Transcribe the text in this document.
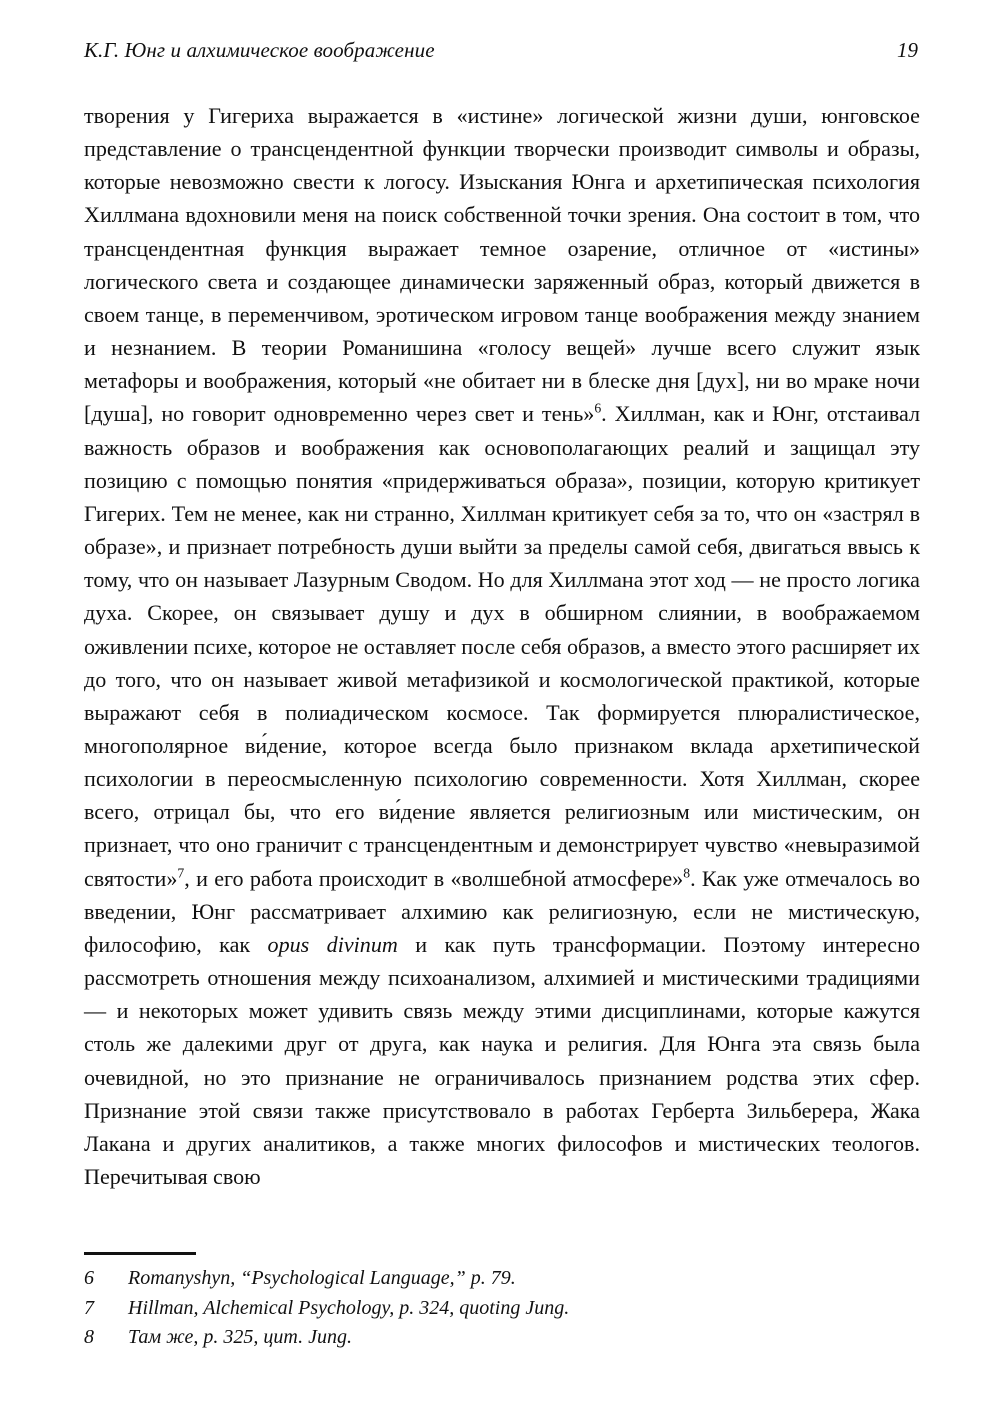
К.Г. Юнг и алхимическое воображение	19

творения у Гигериха выражается в «истине» логической жизни души, юнговское представление о трансцендентной функции творчески производит символы и образы, которые невозможно свести к логосу. Изыскания Юнга и архетипическая психология Хиллмана вдохновили меня на поиск собственной точки зрения. Она состоит в том, что трансцендентная функция выражает темное озарение, отличное от «истины» логического света и создающее динамически заряженный образ, который движется в своем танце, в переменчивом, эротическом игровом танце воображения между знанием и незнанием. В теории Романишина «голосу вещей» лучше всего служит язык метафоры и воображения, который «не обитает ни в блеске дня [дух], ни во мраке ночи [душа], но говорит одновременно через свет и тень»$^6$. Хиллман, как и Юнг, отстаивал важность образов и воображения как основополагающих реалий и защищал эту позицию с помощью понятия «придерживаться образа», позиции, которую критикует Гигерих. Тем не менее, как ни странно, Хиллман критикует себя за то, что он «застрял в образе», и признает потребность души выйти за пределы самой себя, двигаться ввысь к тому, что он называет Лазурным Сводом. Но для Хиллмана этот ход — не просто логика духа. Скорее, он связывает душу и дух в обширном слиянии, в воображаемом оживлении психе, которое не оставляет после себя образов, а вместо этого расширяет их до того, что он называет живой метафизикой и космологической практикой, которые выражают себя в полиадическом космосе. Так формируется плюралистическое, многополярное ви́дение, которое всегда было признаком вклада архетипической психологии в переосмысленную психологию современности. Хотя Хиллман, скорее всего, отрицал бы, что его ви́дение является религиозным или мистическим, он признает, что оно граничит с трансцендентным и демонстрирует чувство «невыразимой святости»$^7$, и его работа происходит в «волшебной атмосфере»$^8$. Как уже отмечалось во введении, Юнг рассматривает алхимию как религиозную, если не мистическую, философию, как opus divinum и как путь трансформации. Поэтому интересно рассмотреть отношения между психоанализом, алхимией и мистическими традициями — и некоторых может удивить связь между этими дисциплинами, которые кажутся столь же далекими друг от друга, как наука и религия. Для Юнга эта связь была очевидной, но это признание не ограничивалось признанием родства этих сфер. Признание этой связи также присутствовало в работах Герберта Зильберера, Жака Лакана и других аналитиков, а также многих философов и мистических теологов. Перечитывая свою

6	Romanyshyn, “Psychological Language,” p. 79.
7	Hillman, Alchemical Psychology, p. 324, quoting Jung.
8	Там же, p. 325, цит. Jung.
